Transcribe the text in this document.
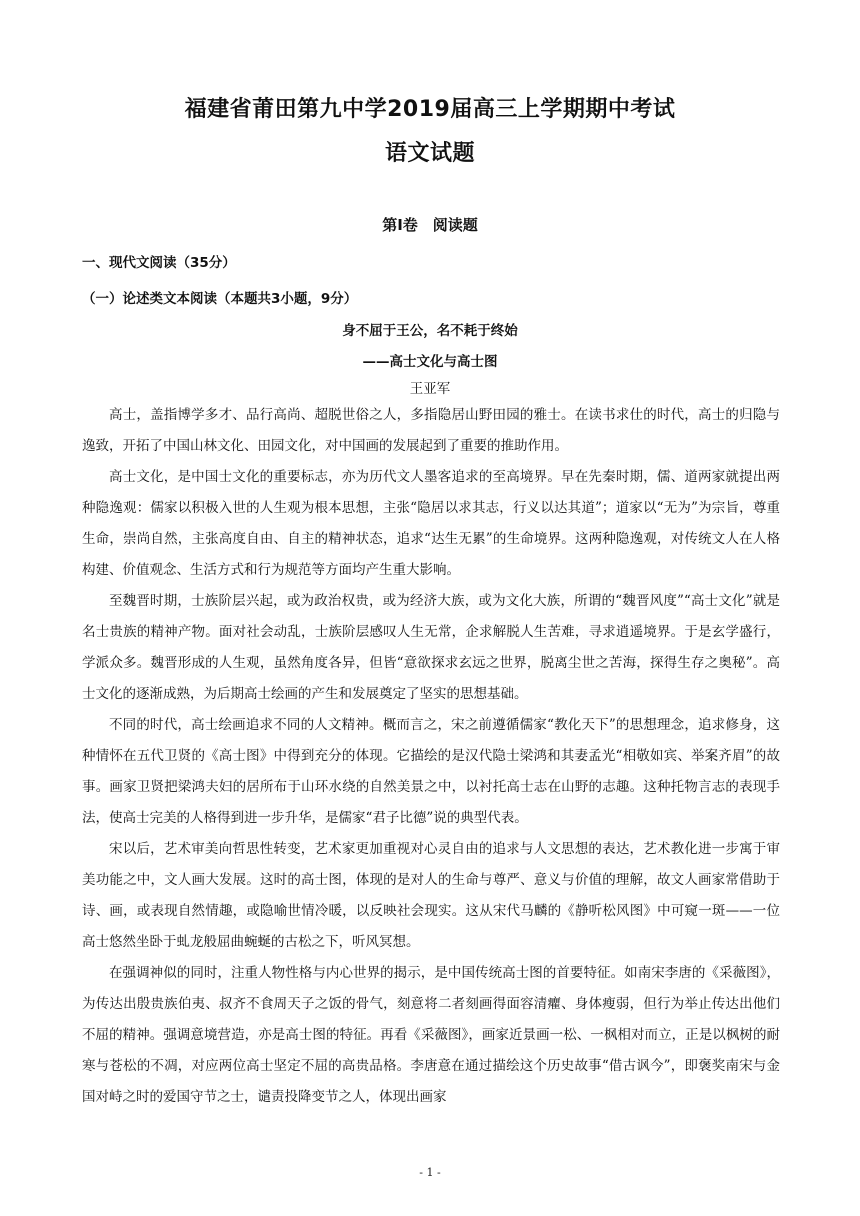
福建省莆田第九中学2019届高三上学期期中考试
语文试题
第Ⅰ卷　阅读题
一、现代文阅读（35分）
（一）论述类文本阅读（本题共3小题，9分）
身不屈于王公，名不耗于终始
——高士文化与高士图
王亚军

高士，盖指博学多才、品行高尚、超脱世俗之人，多指隐居山野田园的雅士。在读书求仕的时代，高士的归隐与逸致，开拓了中国山林文化、田园文化，对中国画的发展起到了重要的推助作用。

高士文化，是中国士文化的重要标志，亦为历代文人墨客追求的至高境界。早在先秦时期，儒、道两家就提出两种隐逸观：儒家以积极入世的人生观为根本思想，主张“隐居以求其志，行义以达其道”；道家以“无为”为宗旨，尊重生命，崇尚自然，主张高度自由、自主的精神状态，追求“达生无累”的生命境界。这两种隐逸观，对传统文人在人格构建、价值观念、生活方式和行为规范等方面均产生重大影响。

至魏晋时期，士族阶层兴起，或为政治权贵，或为经济大族，或为文化大族，所谓的“魏晋风度”“高士文化”就是名士贵族的精神产物。面对社会动乱，士族阶层感叹人生无常，企求解脱人生苦难，寻求逍遥境界。于是玄学盛行，学派众多。魏晋形成的人生观，虽然角度各异，但皆“意欲探求玄远之世界，脱离尘世之苦海，探得生存之奥秘”。高士文化的逐渐成熟，为后期高士绘画的产生和发展奠定了坚实的思想基础。

不同的时代，高士绘画追求不同的人文精神。概而言之，宋之前遵循儒家“教化天下”的思想理念，追求修身，这种情怀在五代卫贤的《高士图》中得到充分的体现。它描绘的是汉代隐士梁鸿和其妻孟光“相敬如宾、举案齐眉”的故事。画家卫贤把梁鸿夫妇的居所布于山环水绕的自然美景之中，以衬托高士志在山野的志趣。这种托物言志的表现手法，使高士完美的人格得到进一步升华，是儒家“君子比德”说的典型代表。

宋以后，艺术审美向哲思性转变，艺术家更加重视对心灵自由的追求与人文思想的表达，艺术教化进一步寓于审美功能之中，文人画大发展。这时的高士图，体现的是对人的生命与尊严、意义与价值的理解，故文人画家常借助于诗、画，或表现自然情趣，或隐喻世情冷暖，以反映社会现实。这从宋代马麟的《静听松风图》中可窥一斑——一位高士悠然坐卧于虬龙般屈曲蜿蜒的古松之下，听风冥想。

在强调神似的同时，注重人物性格与内心世界的揭示，是中国传统高士图的首要特征。如南宋李唐的《采薇图》，为传达出殷贵族伯夷、叔齐不食周天子之饭的骨气，刻意将二者刻画得面容清癯、身体瘦弱，但行为举止传达出他们不屈的精神。强调意境营造，亦是高士图的特征。再看《采薇图》，画家近景画一松、一枫相对而立，正是以枫树的耐寒与苍松的不凋，对应两位高士坚定不屈的高贵品格。李唐意在通过描绘这个历史故事“借古讽今”，即褒奖南宋与金国对峙之时的爱国守节之士，谴责投降变节之人，体现出画家

- 1 -
